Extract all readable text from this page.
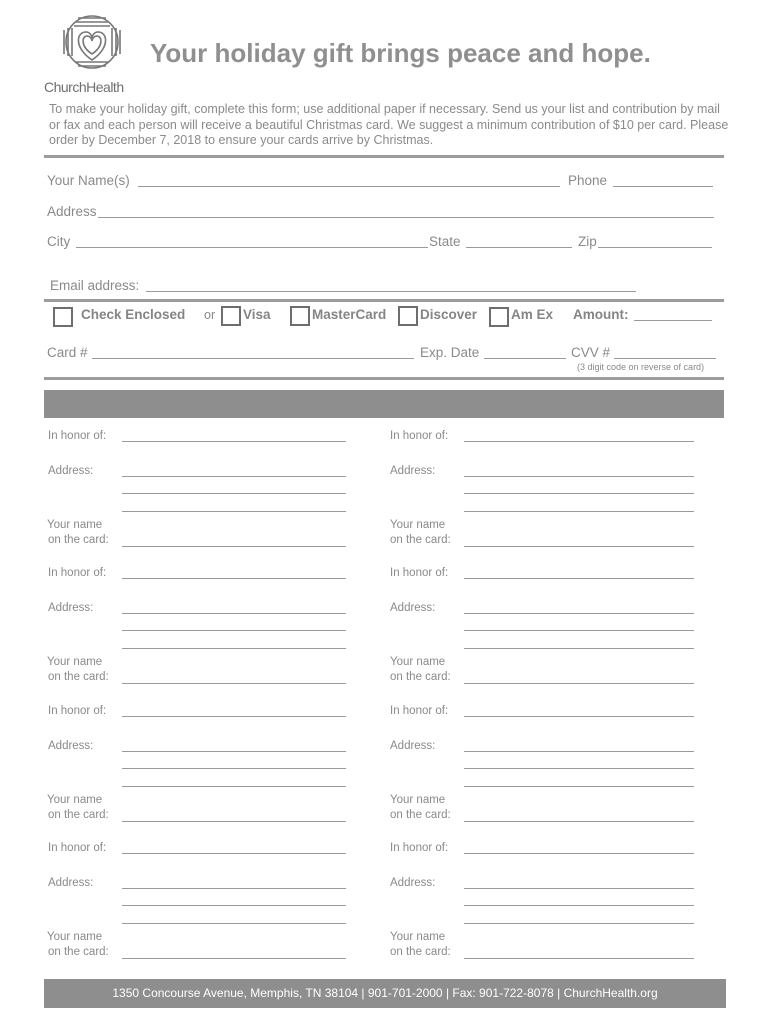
ChurchHealth
Your holiday gift brings peace and hope.
To make your holiday gift, complete this form; use additional paper if necessary. Send us your list and contribution by mail or fax and each person will receive a beautiful Christmas card. We suggest a minimum contribution of $10 per card. Please order by December 7, 2018 to ensure your cards arrive by Christmas.
Your Name(s)	Phone
Address
City	State	Zip
Email address:
Check Enclosed or Visa	MasterCard Discover	Am Ex Amount:
Card #	Exp. Date	CVV #
(3 digit code on reverse of card)
In honor of:
Address:
Your name
on the card:
In honor of:
Address:
Your name
on the card:
In honor of:
Address:
Your name
on the card:
In honor of:
Address:
Your name
on the card:
In honor of:
Address:
Your name
on the card:
In honor of:
Address:
Your name
on the card:
In honor of:
Address:
Your name
on the card:
In honor of:
Address:
Your name
on the card:
1350 Concourse Avenue, Memphis, TN 38104 | 901-701-2000 | Fax: 901-722-8078 | ChurchHealth.org
